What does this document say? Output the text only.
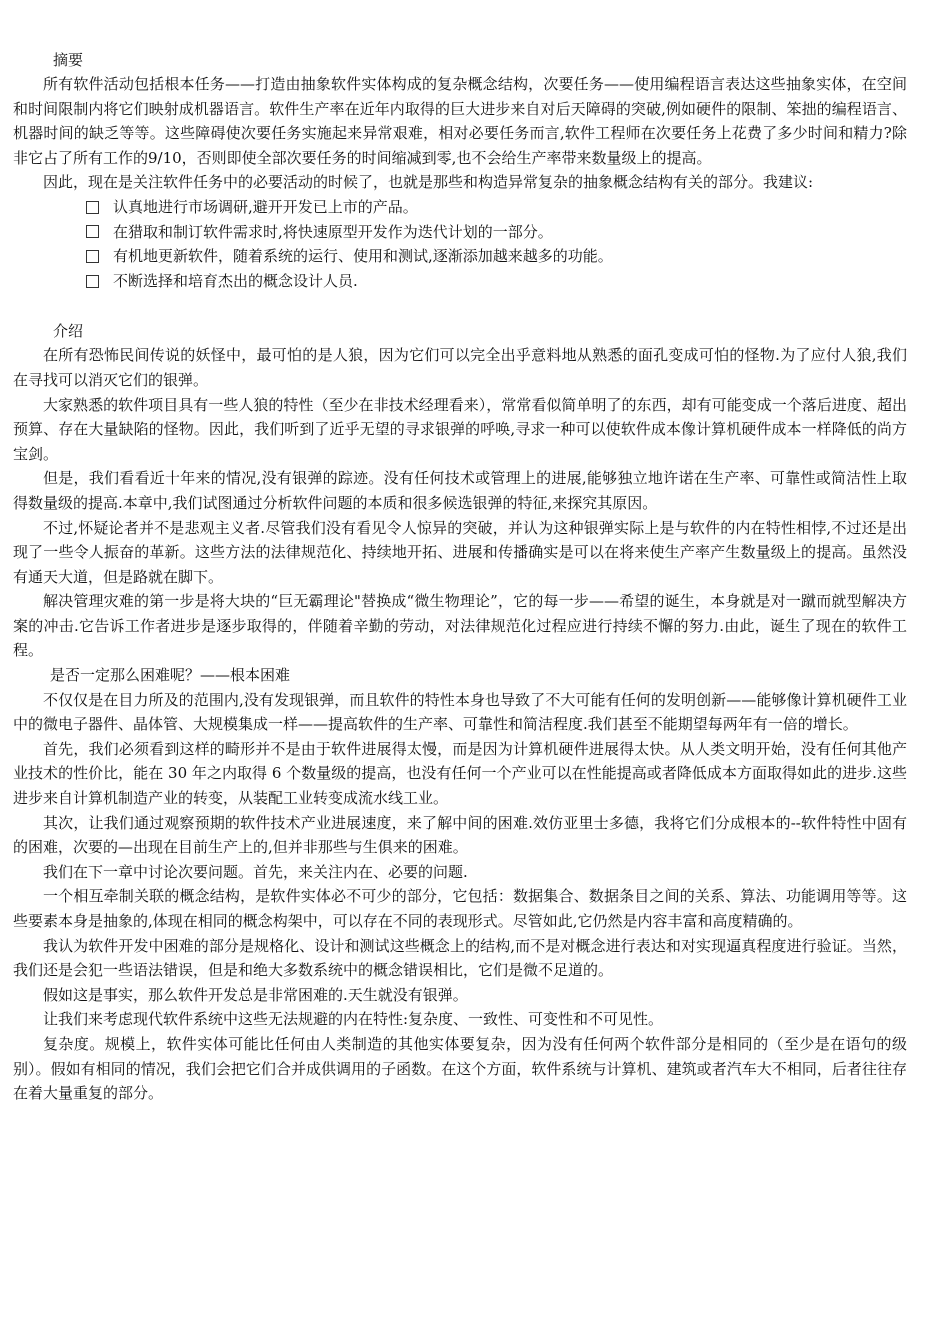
摘要

所有软件活动包括根本任务——打造由抽象软件实体构成的复杂概念结构，次要任务——使用编程语言表达这些抽象实体，在空间和时间限制内将它们映射成机器语言。软件生产率在近年内取得的巨大进步来自对后天障碍的突破,例如硬件的限制、笨拙的编程语言、机器时间的缺乏等等。这些障碍使次要任务实施起来异常艰难，相对必要任务而言,软件工程师在次要任务上花费了多少时间和精力?除非它占了所有工作的9/10，否则即使全部次要任务的时间缩减到零,也不会给生产率带来数量级上的提高。

因此，现在是关注软件任务中的必要活动的时候了，也就是那些和构造异常复杂的抽象概念结构有关的部分。我建议:

认真地进行市场调研,避开开发已上市的产品。
在猎取和制订软件需求时,将快速原型开发作为迭代计划的一部分。
有机地更新软件，随着系统的运行、使用和测试,逐渐添加越来越多的功能。
不断选择和培育杰出的概念设计人员.
介绍

在所有恐怖民间传说的妖怪中，最可怕的是人狼，因为它们可以完全出乎意料地从熟悉的面孔变成可怕的怪物.为了应付人狼,我们在寻找可以消灭它们的银弹。

大家熟悉的软件项目具有一些人狼的特性（至少在非技术经理看来），常常看似简单明了的东西，却有可能变成一个落后进度、超出预算、存在大量缺陷的怪物。因此，我们听到了近乎无望的寻求银弹的呼唤,寻求一种可以使软件成本像计算机硬件成本一样降低的尚方宝剑。

但是，我们看看近十年来的情况,没有银弹的踪迹。没有任何技术或管理上的进展,能够独立地许诺在生产率、可靠性或简洁性上取得数量级的提高.本章中,我们试图通过分析软件问题的本质和很多候选银弹的特征,来探究其原因。

不过,怀疑论者并不是悲观主义者.尽管我们没有看见令人惊异的突破，并认为这种银弹实际上是与软件的内在特性相悖,不过还是出现了一些令人振奋的革新。这些方法的法律规范化、持续地开拓、进展和传播确实是可以在将来使生产率产生数量级上的提高。虽然没有通天大道，但是路就在脚下。

解决管理灾难的第一步是将大块的“巨无霸理论"替换成“微生物理论”，它的每一步——希望的诞生，本身就是对一蹴而就型解决方案的冲击.它告诉工作者进步是逐步取得的，伴随着辛勤的劳动，对法律规范化过程应进行持续不懈的努力.由此，诞生了现在的软件工程。

是否一定那么困难呢？——根本困难

不仅仅是在目力所及的范围内,没有发现银弹，而且软件的特性本身也导致了不大可能有任何的发明创新——能够像计算机硬件工业中的微电子器件、晶体管、大规模集成一样——提高软件的生产率、可靠性和简洁程度.我们甚至不能期望每两年有一倍的增长。

首先，我们必须看到这样的畸形并不是由于软件进展得太慢，而是因为计算机硬件进展得太快。从人类文明开始，没有任何其他产业技术的性价比，能在 30 年之内取得 6 个数量级的提高，也没有任何一个产业可以在性能提高或者降低成本方面取得如此的进步.这些 进步来自计算机制造产业的转变，从装配工业转变成流水线工业。

其次，让我们通过观察预期的软件技术产业进展速度，来了解中间的困难.效仿亚里士多德，我将它们分成根本的--软件特性中固有的困难，次要的—出现在目前生产上的,但并非那些与生俱来的困难。

我们在下一章中讨论次要问题。首先，来关注内在、必要的问题.

一个相互牵制关联的概念结构，是软件实体必不可少的部分，它包括：数据集合、数据条目之间的关系、算法、功能调用等等。这些要素本身是抽象的,体现在相同的概念构架中，可以存在不同的表现形式。尽管如此,它仍然是内容丰富和高度精确的。

我认为软件开发中困难的部分是规格化、设计和测试这些概念上的结构,而不是对概念进行表达和对实现逼真程度进行验证。当然，我们还是会犯一些语法错误，但是和绝大多数系统中的概念错误相比，它们是微不足道的。

假如这是事实，那么软件开发总是非常困难的.天生就没有银弹。

让我们来考虑现代软件系统中这些无法规避的内在特性:复杂度、一致性、可变性和不可见性。

复杂度。规模上，软件实体可能比任何由人类制造的其他实体要复杂，因为没有任何两个软件部分是相同的（至少是在语句的级别）。假如有相同的情况，我们会把它们合并成供调用的子函数。在这个方面，软件系统与计算机、建筑或者汽车大不相同，后者往往存在着大量重复的部分。
